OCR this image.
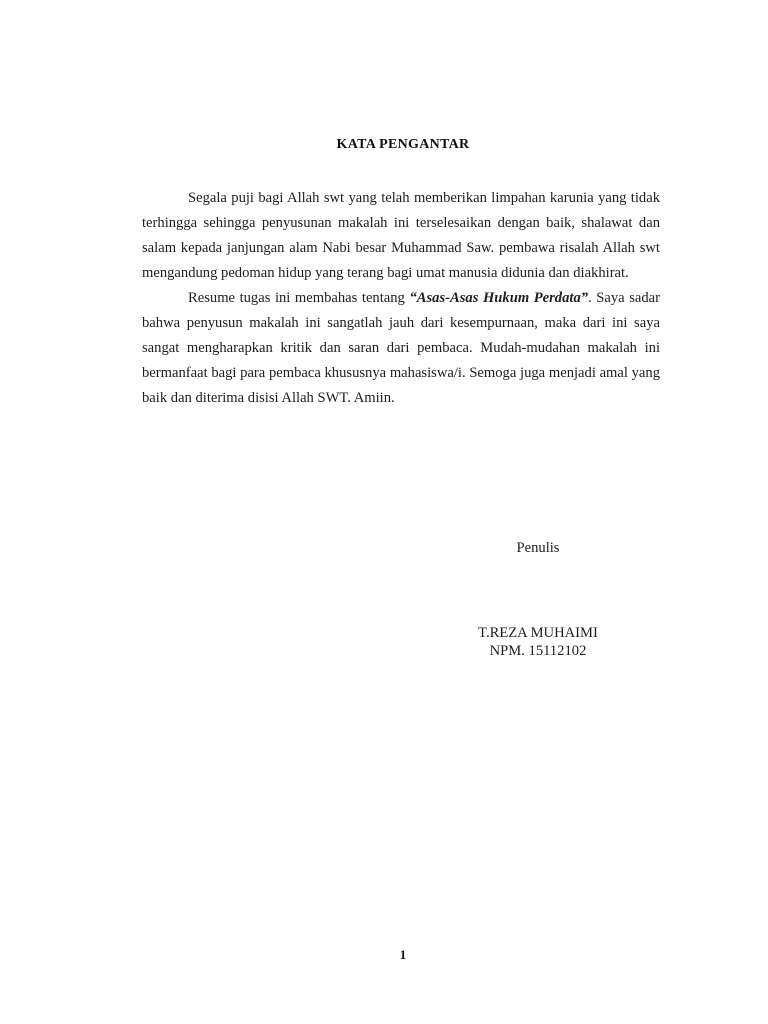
KATA PENGANTAR

Segala puji bagi Allah swt yang telah memberikan limpahan karunia yang tidak terhingga sehingga penyusunan makalah ini terselesaikan dengan baik, shalawat dan salam kepada janjungan alam Nabi besar Muhammad Saw. pembawa risalah Allah swt mengandung pedoman hidup yang terang bagi umat manusia didunia dan diakhirat.

Resume tugas ini membahas tentang “Asas-Asas Hukum Perdata”. Saya sadar bahwa penyusun makalah ini sangatlah jauh dari kesempurnaan, maka dari ini saya sangat mengharapkan kritik dan saran dari pembaca. Mudah-mudahan makalah ini bermanfaat bagi para pembaca khususnya mahasiswa/i. Semoga juga menjadi amal yang baik dan diterima disisi Allah SWT. Amiin.

Penulis
T.REZA MUHAIMI
NPM. 15112102
1
